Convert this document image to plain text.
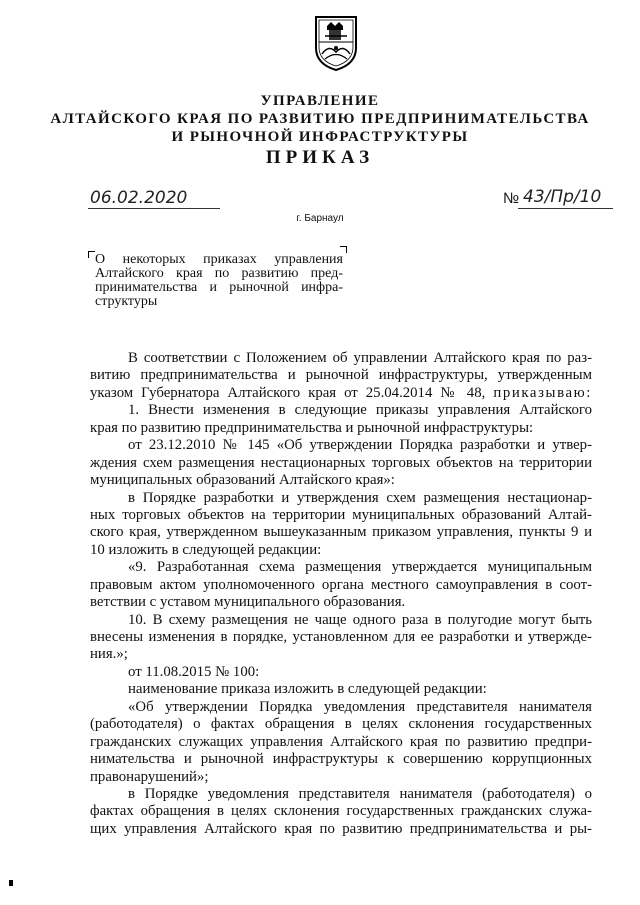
УПРАВЛЕНИЕ
АЛТАЙСКОГО КРАЯ ПО РАЗВИТИЮ ПРЕДПРИНИМАТЕЛЬСТВА
И РЫНОЧНОЙ ИНФРАСТРУКТУРЫ
ПРИКАЗ
06.02.2020	№ 43/Пр/10
г. Барнаул
О некоторых приказах управления
Алтайского края по развитию пред-
принимательства и рыночной инфра-
структуры
В соответствии с Положением об управлении Алтайского края по раз-
витию предпринимательства и рыночной инфраструктуры, утвержденным
указом Губернатора Алтайского края от 25.04.2014 № 48, приказываю:
1. Внести изменения в следующие приказы управления Алтайского
края по развитию предпринимательства и рыночной инфраструктуры:
от 23.12.2010 № 145 «Об утверждении Порядка разработки и утвер-
ждения схем размещения нестационарных торговых объектов на территории
муниципальных образований Алтайского края»:
в Порядке разработки и утверждения схем размещения нестационар-
ных торговых объектов на территории муниципальных образований Алтай-
ского края, утвержденном вышеуказанным приказом управления, пункты 9 и
10 изложить в следующей редакции:
«9. Разработанная схема размещения утверждается муниципальным
правовым актом уполномоченного органа местного самоуправления в соот-
ветствии с уставом муниципального образования.
10. В схему размещения не чаще одного раза в полугодие могут быть
внесены изменения в порядке, установленном для ее разработки и утвержде-
ния.»;
от 11.08.2015 № 100:
наименование приказа изложить в следующей редакции:
«Об утверждении Порядка уведомления представителя нанимателя
(работодателя) о фактах обращения в целях склонения государственных
гражданских служащих управления Алтайского края по развитию предпри-
нимательства и рыночной инфраструктуры к совершению коррупционных
правонарушений»;
в Порядке уведомления представителя нанимателя (работодателя) о
фактах обращения в целях склонения государственных гражданских служа-
щих управления Алтайского края по развитию предпринимательства и ры-
